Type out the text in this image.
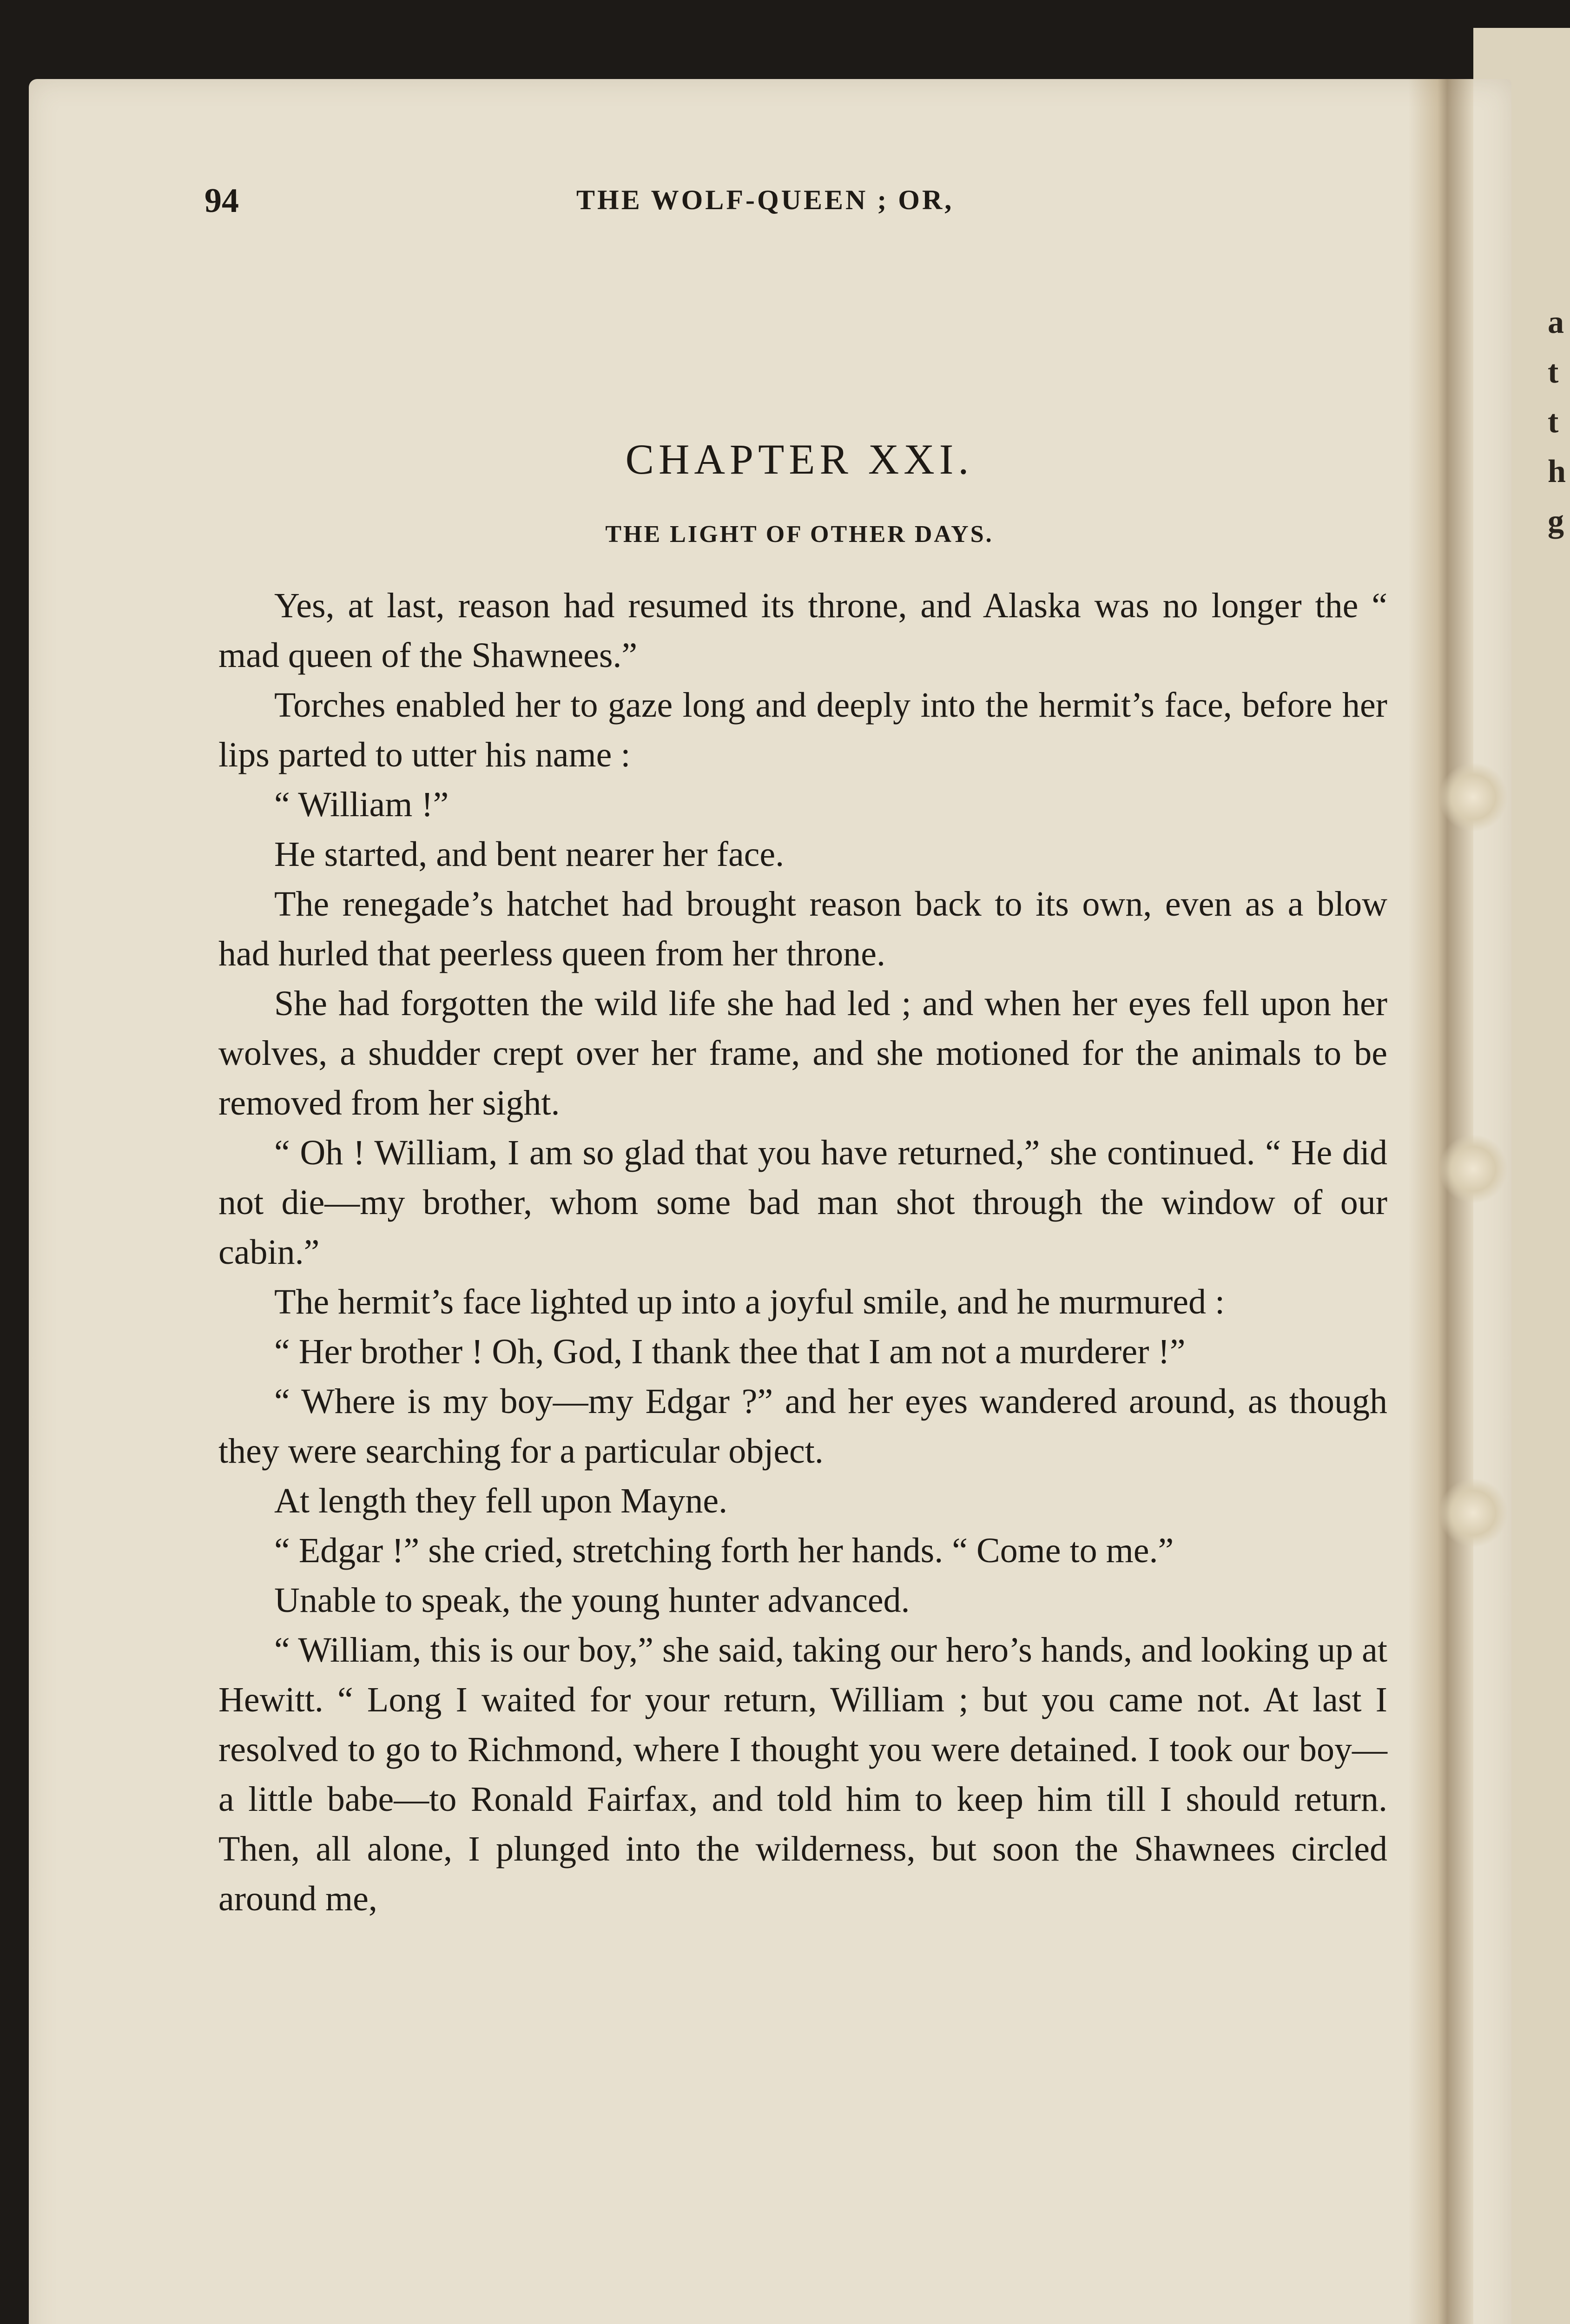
a
t
t
h
g
94	THE WOLF-QUEEN ; OR,
CHAPTER XXI.
THE LIGHT OF OTHER DAYS.

Yes, at last, reason had resumed its throne, and Alaska was no longer the “ mad queen of the Shawnees.”

Torches enabled her to gaze long and deeply into the hermit’s face, before her lips parted to utter his name :

“ William !”

He started, and bent nearer her face.

The renegade’s hatchet had brought reason back to its own, even as a blow had hurled that peerless queen from her throne.

She had forgotten the wild life she had led ; and when her eyes fell upon her wolves, a shudder crept over her frame, and she motioned for the animals to be removed from her sight.

“ Oh ! William, I am so glad that you have returned,” she continued. “ He did not die—my brother, whom some bad man shot through the window of our cabin.”

The hermit’s face lighted up into a joyful smile, and he murmured :

“ Her brother ! Oh, God, I thank thee that I am not a murderer !”

“ Where is my boy—my Edgar ?” and her eyes wandered around, as though they were searching for a particular object.

At length they fell upon Mayne.

“ Edgar !” she cried, stretching forth her hands. “ Come to me.”

Unable to speak, the young hunter advanced.

“ William, this is our boy,” she said, taking our hero’s hands, and looking up at Hewitt. “ Long I waited for your return, William ; but you came not. At last I resolved to go to Richmond, where I thought you were detained. I took our boy—a little babe—to Ronald Fairfax, and told him to keep him till I should return. Then, all alone, I plunged into the wilderness, but soon the Shawnees circled around me,
